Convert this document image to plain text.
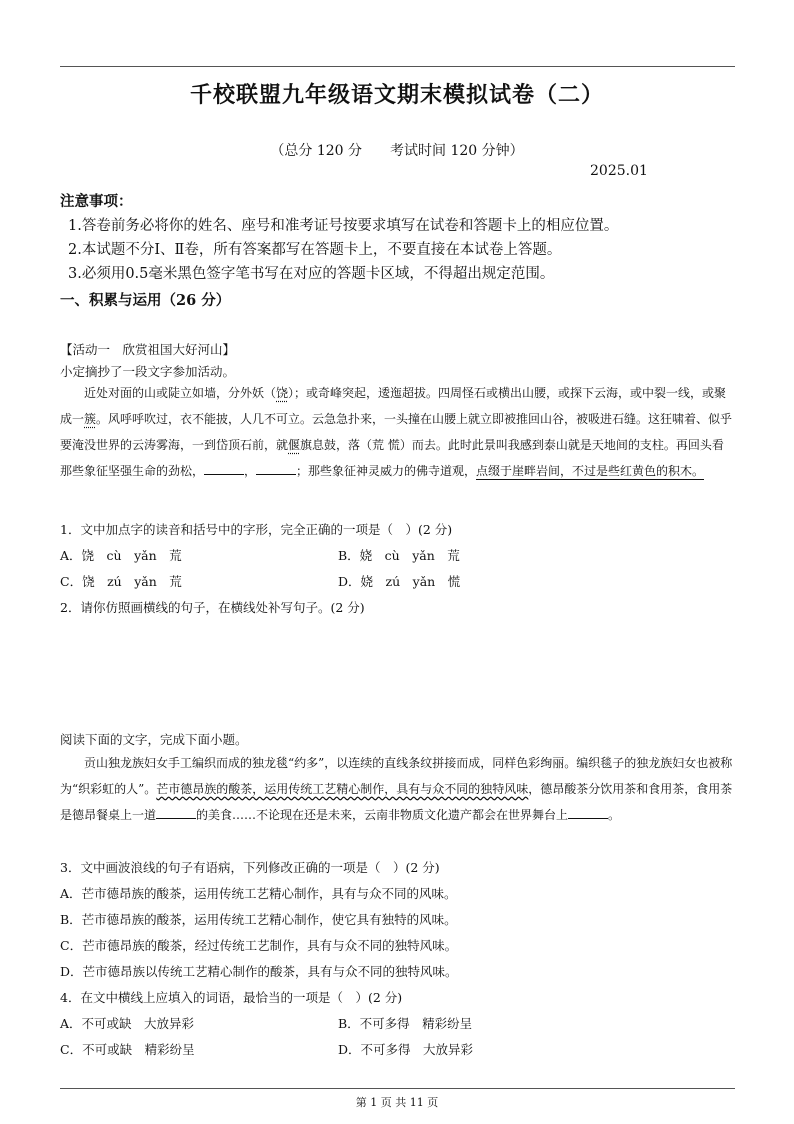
千校联盟九年级语文期末模拟试卷（二）
（总分 120 分　　考试时间 120 分钟）
2025.01
注意事项：
1.答卷前务必将你的姓名、座号和准考证号按要求填写在试卷和答题卡上的相应位置。
2.本试题不分Ⅰ、Ⅱ卷，所有答案都写在答题卡上，不要直接在本试卷上答题。
3.必须用0.5毫米黑色签字笔书写在对应的答题卡区域，不得超出规定范围。
一、积累与运用（26 分）
【活动一　欣赏祖国大好河山】
小定摘抄了一段文字参加活动。
近处对面的山或陡立如墙，分外妖（饶）；或奇峰突起，逶迤超拔。四周怪石或横出山腰，或探下云海，或中裂一线，或聚成一簇。风呼呼吹过，衣不能披，人几不可立。云急急扑来，一头撞在山腰上就立即被推回山谷，被吸进石缝。这狂啸着、似乎要淹没世界的云涛雾海，一到岱顶石前，就偃旗息鼓，落（荒 慌）而去。此时此景叫我感到泰山就是天地间的支柱。再回头看那些象征坚强生命的劲松，	，	；那些象征神灵威力的佛寺道观，点缀于崖畔岩间，不过是些红黄色的积木。
1．文中加点字的读音和括号中的字形，完全正确的一项是（　）(2 分)
A．饶　cù　yǎn　荒	B．娆　cù　yǎn　荒
C．饶　zú　yǎn　荒	D．娆　zú　yǎn　慌
2．请你仿照画横线的句子，在横线处补写句子。(2 分)
阅读下面的文字，完成下面小题。
贡山独龙族妇女手工编织而成的独龙毯“约多”，以连续的直线条纹拼接而成，同样色彩绚丽。编织毯子的独龙族妇女也被称为“织彩虹的人”。芒市德昂族的酸茶，运用传统工艺精心制作，具有与众不同的独特风味，德昂酸茶分饮用茶和食用茶，食用茶是德昂餐桌上一道	的美食……不论现在还是未来，云南非物质文化遗产都会在世界舞台上	。
3．文中画波浪线的句子有语病，下列修改正确的一项是（　）(2 分)
A．芒市德昂族的酸茶，运用传统工艺精心制作，具有与众不同的风味。
B．芒市德昂族的酸茶，运用传统工艺精心制作，使它具有独特的风味。
C．芒市德昂族的酸茶，经过传统工艺制作，具有与众不同的独特风味。
D．芒市德昂族以传统工艺精心制作的酸茶，具有与众不同的独特风味。
4．在文中横线上应填入的词语，最恰当的一项是（　）(2 分)
A．不可或缺　大放异彩	B．不可多得　精彩纷呈
C．不可或缺　精彩纷呈	D．不可多得　大放异彩
第 1 页 共 11 页
